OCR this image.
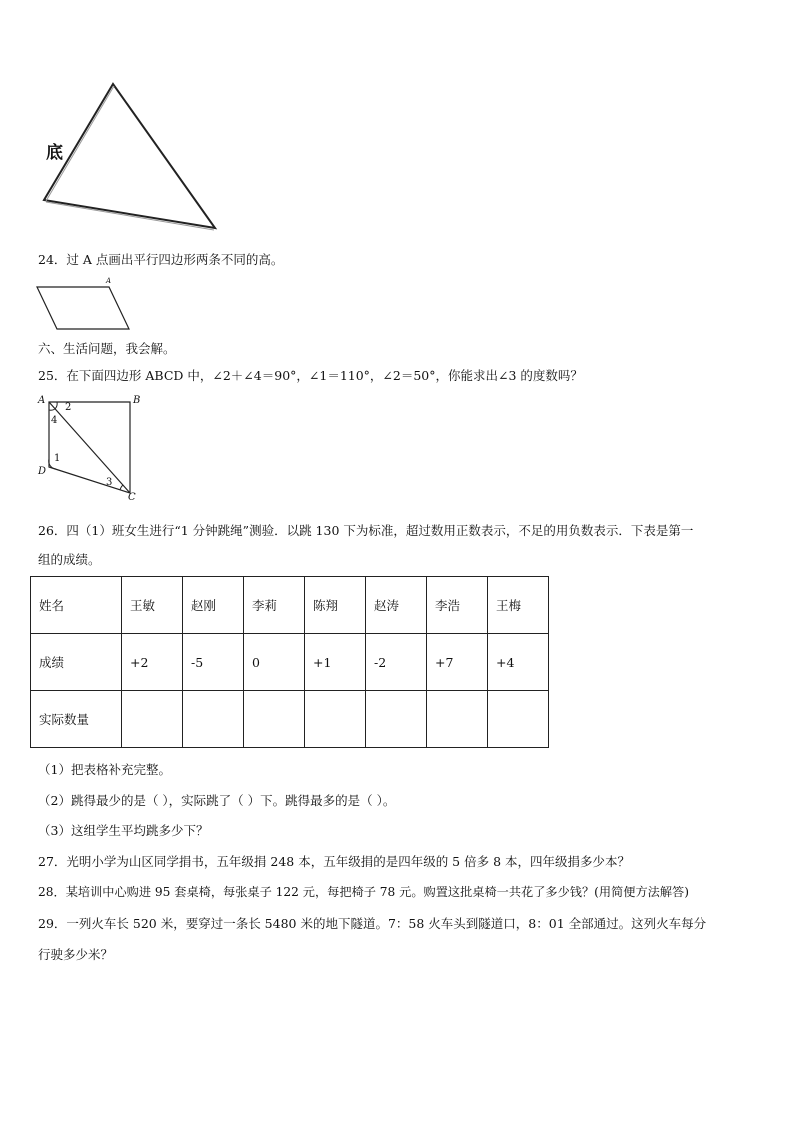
底
24．过 A 点画出平行四边形两条不同的高。
A
六、生活问题，我会解。
25．在下面四边形 ABCD 中，∠2＋∠4＝90°，∠1＝110°，∠2＝50°，你能求出∠3 的度数吗？
A	B
C
D
1
2
3
4
26．四（1）班女生进行“1 分钟跳绳”测验．以跳 130 下为标准，超过数用正数表示，不足的用负数表示．下表是第一
组的成绩。
姓名	王敏	赵刚	李莉	陈翔	赵涛	李浩	王梅
成绩	+2	-5	0	+1	-2	+7	+4
实际数量							
（1）把表格补充完整。
（2）跳得最少的是（ ），实际跳了（ ）下。跳得最多的是（ ）。
（3）这组学生平均跳多少下？
27．光明小学为山区同学捐书，五年级捐 248 本，五年级捐的是四年级的 5 倍多 8 本，四年级捐多少本？
28．某培训中心购进 95 套桌椅，每张桌子 122 元，每把椅子 78 元。购置这批桌椅一共花了多少钱？(用简便方法解答)
29．一列火车长 520 米，要穿过一条长 5480 米的地下隧道。7：58 火车头到隧道口，8：01 全部通过。这列火车每分
行驶多少米？
